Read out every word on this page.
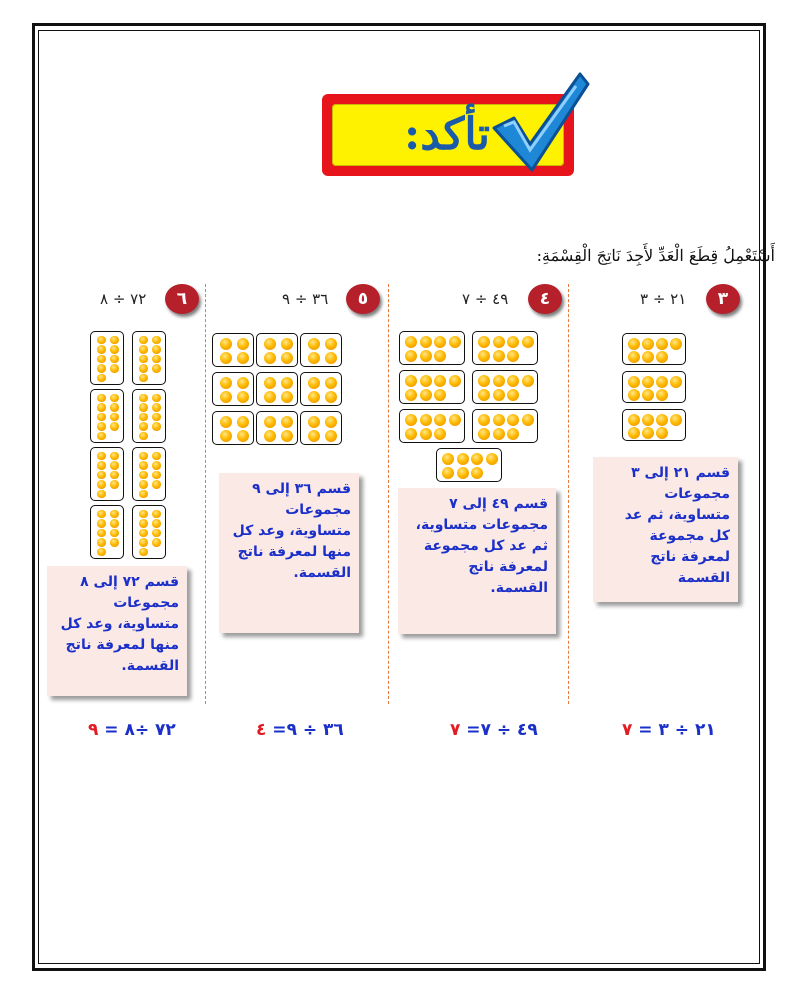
تأكد:
أَسْتَعْمِلُ قِطَعَ الْعَدِّ لأَجِدَ نَاتِجَ الْقِسْمَةِ:
٣
٢١ ÷ ٣
٤
٤٩ ÷ ٧
٥
٣٦ ÷ ٩
٦
٧٢ ÷ ٨
قسم ٢١ إلى ٣ مجموعات متساوية، ثم عد كل مجموعة لمعرفة ناتج القسمة
قسم ٤٩ إلى ٧ مجموعات متساوية، ثم عد كل مجموعة لمعرفة ناتج القسمة.
قسم ٣٦ إلى ٩ مجموعات متساوية، وعد كل منها لمعرفة ناتج القسمة.
قسم ٧٢ إلى ٨ مجموعات متساوية، وعد كل منها لمعرفة ناتج القسمة.
٢١ ÷ ٣ = ٧
٤٩ ÷ ٧= ٧
٣٦ ÷ ٩= ٤
٧٢ ÷٨ = ٩
